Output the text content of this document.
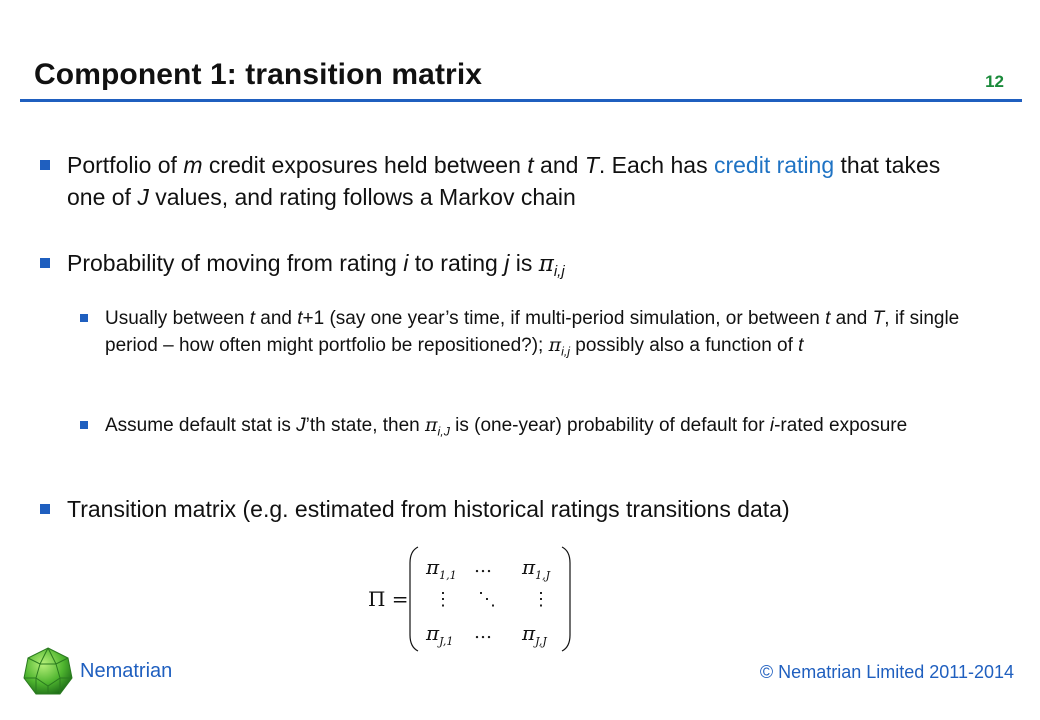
Component 1: transition matrix	12
Portfolio of m credit exposures held between t and T. Each has credit rating that takes one of J values, and rating follows a Markov chain
Probability of moving from rating i to rating j is $\pi_{i,j}$
Usually between t and t+1 (say one year’s time, if multi-period simulation, or between t and T, if single period – how often might portfolio be repositioned?); $\pi_{i,j}$ possibly also a function of t
Assume default stat is J’th state, then $\pi_{i,J}$ is (one-year) probability of default for i-rated exposure
Transition matrix (e.g. estimated from historical ratings transitions data)
Π =
$\pi_{1,1}$ … $\pi_{1,J}$
⋮ ⋱ ⋮
$\pi_{J,1}$ … $\pi_{J,J}$
Nematrian	© Nematrian Limited 2011-2014
